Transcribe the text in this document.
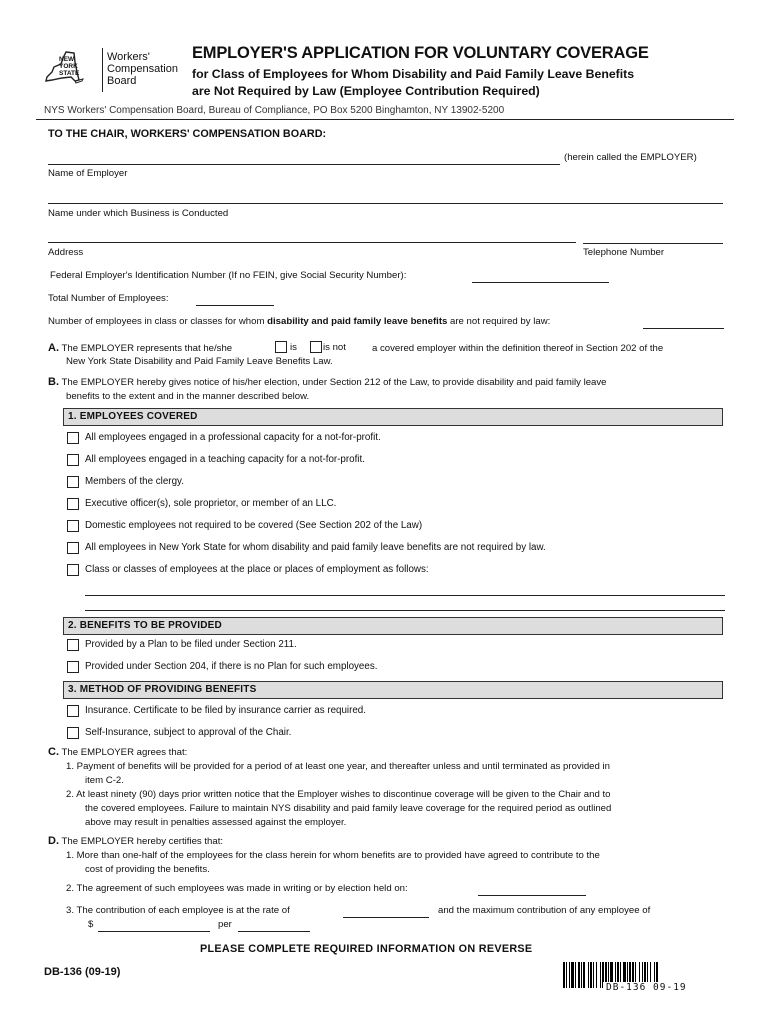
NEW
YORK
STATE
Workers'
Compensation
Board
EMPLOYER'S APPLICATION FOR VOLUNTARY COVERAGE
for Class of Employees for Whom Disability and Paid Family Leave Benefits
are Not Required by Law (Employee Contribution Required)
NYS Workers' Compensation Board, Bureau of Compliance, PO Box 5200 Binghamton, NY 13902-5200
TO THE CHAIR, WORKERS' COMPENSATION BOARD:
(herein called the EMPLOYER)
Name of Employer
Name under which Business is Conducted
Address	Telephone Number
Federal Employer's Identification Number (If no FEIN, give Social Security Number):
Total Number of Employees:
Number of employees in class or classes for whom disability and paid family leave benefits are not required by law:
A. The EMPLOYER represents that he/she	is	is not	a covered employer within the definition thereof in Section 202 of the
New York State Disability and Paid Family Leave Benefits Law.
B. The EMPLOYER hereby gives notice of his/her election, under Section 212 of the Law, to provide disability and paid family leave
benefits to the extent and in the manner described below.
1. EMPLOYEES COVERED
All employees engaged in a professional capacity for a not-for-profit.
All employees engaged in a teaching capacity for a not-for-profit.
Members of the clergy.
Executive officer(s), sole proprietor, or member of an LLC.
Domestic employees not required to be covered (See Section 202 of the Law)
All employees in New York State for whom disability and paid family leave benefits are not required by law.
Class or classes of employees at the place or places of employment as follows:
2. BENEFITS TO BE PROVIDED
Provided by a Plan to be filed under Section 211.
Provided under Section 204, if there is no Plan for such employees.
3. METHOD OF PROVIDING BENEFITS
Insurance. Certificate to be filed by insurance carrier as required.
Self-Insurance, subject to approval of the Chair.
C. The EMPLOYER agrees that:
1. Payment of benefits will be provided for a period of at least one year, and thereafter unless and until terminated as provided in
item C-2.
2. At least ninety (90) days prior written notice that the Employer wishes to discontinue coverage will be given to the Chair and to
the covered employees. Failure to maintain NYS disability and paid family leave coverage for the required period as outlined
above may result in penalties assessed against the employer.
D. The EMPLOYER hereby certifies that:
1. More than one-half of the employees for the class herein for whom benefits are to provided have agreed to contribute to the
cost of providing the benefits.
2. The agreement of such employees was made in writing or by election held on:
3. The contribution of each employee is at the rate of	and the maximum contribution of any employee of
$	per
PLEASE COMPLETE REQUIRED INFORMATION ON REVERSE
DB-136 (09-19)
DB-136 09-19
